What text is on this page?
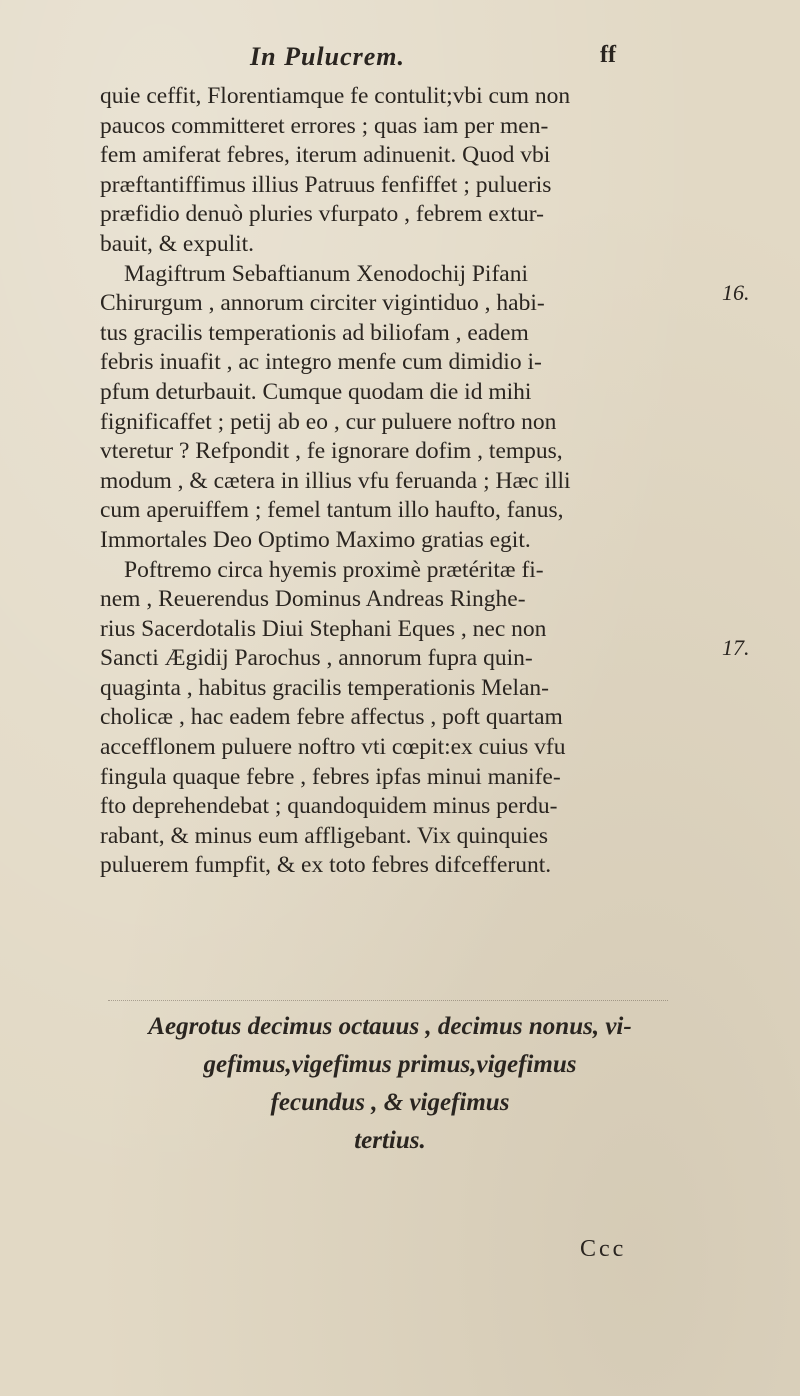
In Pulucrem.	ff

quie ceffit, Florentiamque fe contulit;vbi cum non
paucos committeret errores ; quas iam per men-
fem amiferat febres, iterum adinuenit. Quod vbi
præftantiffimus illius Patruus fenfiffet ; pulueris
præfidio denuò pluries vfurpato , febrem extur-
bauit, & expulit.

Magiftrum Sebaftianum Xenodochij Pifani
Chirurgum , annorum circiter vigintiduo , habi-
tus gracilis temperationis ad biliofam , eadem
febris inuafit , ac integro menfe cum dimidio i-
pfum deturbauit. Cumque quodam die id mihi
fignificaffet ; petij ab eo , cur puluere noftro non
vteretur ? Refpondit , fe ignorare dofim , tempus,
modum , & cætera in illius vfu feruanda ; Hæc illi
cum aperuiffem ; femel tantum illo haufto, fanus,
Immortales Deo Optimo Maximo gratias egit.

Poftremo circa hyemis proximè prætéritæ fi-
nem , Reuerendus Dominus Andreas Ringhe-
rius Sacerdotalis Diui Stephani Eques , nec non
Sancti Ægidij Parochus , annorum fupra quin-
quaginta , habitus gracilis temperationis Melan-
cholicæ , hac eadem febre affectus , poft quartam
accefflonem puluere noftro vti cœpit:ex cuius vfu
fingula quaque febre , febres ipfas minui manife-
fto deprehendebat ; quandoquidem minus perdu-
rabant, & minus eum affligebant. Vix quinquies
puluerem fumpfit, & ex toto febres difcefferunt.

16.
17.
Aegrotus decimus octauus , decimus nonus, vi-
gefimus,vigefimus primus,vigefimus
fecundus , & vigefimus
tertius.
Ccc
